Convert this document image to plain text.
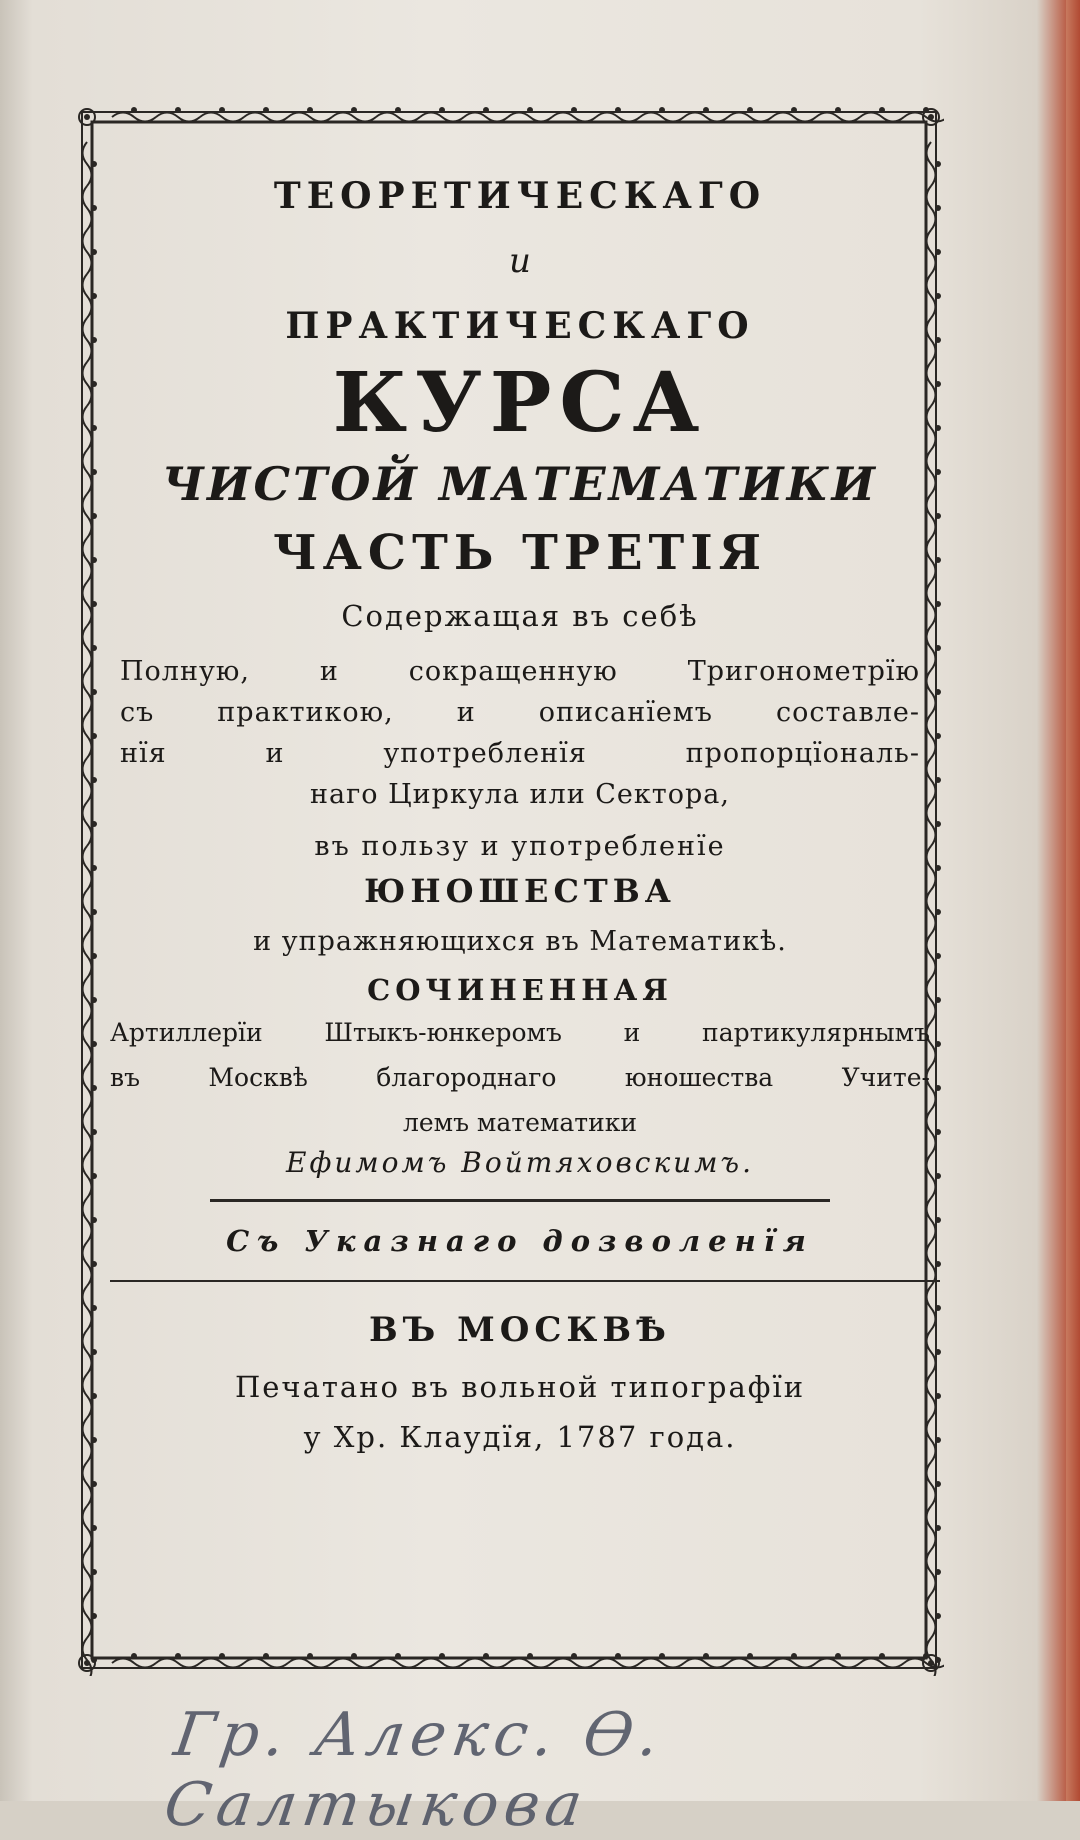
ТЕОРЕТИЧЕСКАГО
и
ПРАКТИЧЕСКАГО
КУРСА
ЧИСТОЙ МАТЕМАТИКИ
ЧАСТЬ ТРЕТІЯ
Содержащая въ себѣ
Полную, и сокращенную Тригонометрїю
съ практикою, и описанїемъ составле-
нїя и употребленїя пропорцїональ-
наго Циркула или Сектора,
въ пользу и употребленїе
ЮНОШЕСТВА
и упражняющихся въ Математикѣ.
СОЧИНЕННАЯ
Артиллерїи Штыкъ-юнкеромъ и партикулярнымъ
въ Москвѣ благороднаго юношества Учите-
лемъ математики
Ефимомъ Войтяховскимъ.
Съ Указнаго дозволенїя
ВЪ МОСКВѢ
Печатано въ вольной типографїи
у Хр. Клаудїя, 1787 года.
Гр. Алекс. Ѳ. Салтыкова
